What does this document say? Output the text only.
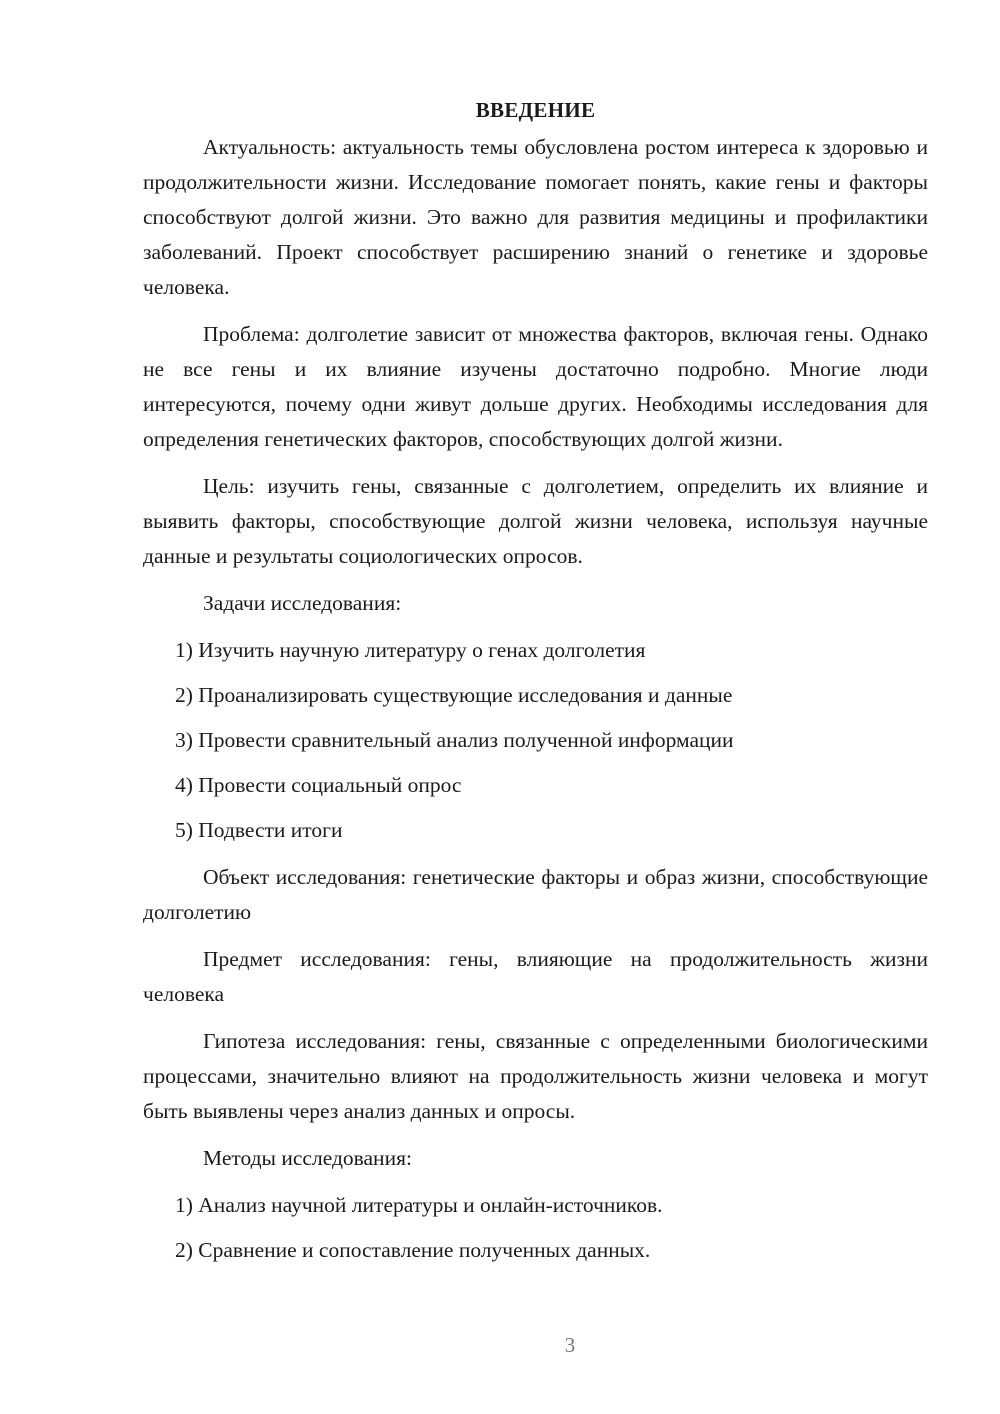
ВВЕДЕНИЕ

Актуальность: актуальность темы обусловлена ростом интереса к здоровью и продолжительности жизни. Исследование помогает понять, какие гены и факторы способствуют долгой жизни. Это важно для развития медицины и профилактики заболеваний. Проект способствует расширению знаний о генетике и здоровье человека.

Проблема: долголетие зависит от множества факторов, включая гены. Однако не все гены и их влияние изучены достаточно подробно. Многие люди интересуются, почему одни живут дольше других. Необходимы исследования для определения генетических факторов, способствующих долгой жизни.

Цель: изучить гены, связанные с долголетием, определить их влияние и выявить факторы, способствующие долгой жизни человека, используя научные данные и результаты социологических опросов.

Задачи исследования:

1) Изучить научную литературу о генах долголетия
2) Проанализировать существующие исследования и данные
3) Провести сравнительный анализ полученной информации
4) Провести социальный опрос
5) Подвести итоги

Объект исследования: генетические факторы и образ жизни, способствующие долголетию

Предмет исследования: гены, влияющие на продолжительность жизни человека

Гипотеза исследования: гены, связанные с определенными биологическими процессами, значительно влияют на продолжительность жизни человека и могут быть выявлены через анализ данных и опросы.

Методы исследования:

1) Анализ научной литературы и онлайн-источников.
2) Сравнение и сопоставление полученных данных.
3
